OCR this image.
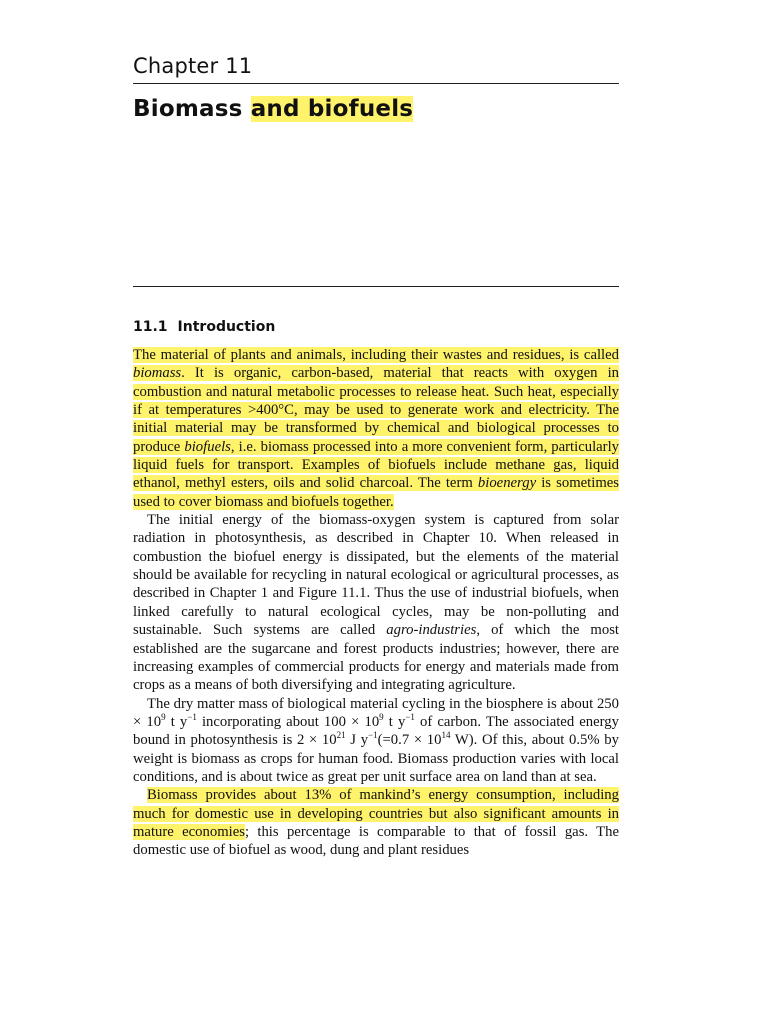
Chapter 11
Biomass and biofuels
11.1 Introduction

The material of plants and animals, including their wastes and residues, is called biomass. It is organic, carbon-based, material that reacts with oxygen in combustion and natural metabolic processes to release heat. Such heat, especially if at temperatures >400°C, may be used to generate work and electricity. The initial material may be transformed by chemical and biological processes to produce biofuels, i.e. biomass processed into a more convenient form, particularly liquid fuels for transport. Examples of biofuels include methane gas, liquid ethanol, methyl esters, oils and solid charcoal. The term bioenergy is sometimes used to cover biomass and biofuels together.

The initial energy of the biomass-oxygen system is captured from solar radiation in photosynthesis, as described in Chapter 10. When released in combustion the biofuel energy is dissipated, but the elements of the material should be available for recycling in natural ecological or agricultural processes, as described in Chapter 1 and Figure 11.1. Thus the use of industrial biofuels, when linked carefully to natural ecological cycles, may be non-polluting and sustainable. Such systems are called agro-industries, of which the most established are the sugarcane and forest products industries; however, there are increasing examples of commercial products for energy and materials made from crops as a means of both diversifying and integrating agriculture.

The dry matter mass of biological material cycling in the biosphere is about $250 \times 10^9$ t $y^{-1}$ incorporating about $100 \times 10^9$ t $y^{-1}$ of carbon. The associated energy bound in photosynthesis is $2 \times 10^{21}$ J $y^{-1}(=0.7 \times 10^{14}$ W). Of this, about 0.5% by weight is biomass as crops for human food. Biomass production varies with local conditions, and is about twice as great per unit surface area on land than at sea.

Biomass provides about 13% of mankind’s energy consumption, including much for domestic use in developing countries but also significant amounts in mature economies; this percentage is comparable to that of fossil gas. The domestic use of biofuel as wood, dung and plant residues
